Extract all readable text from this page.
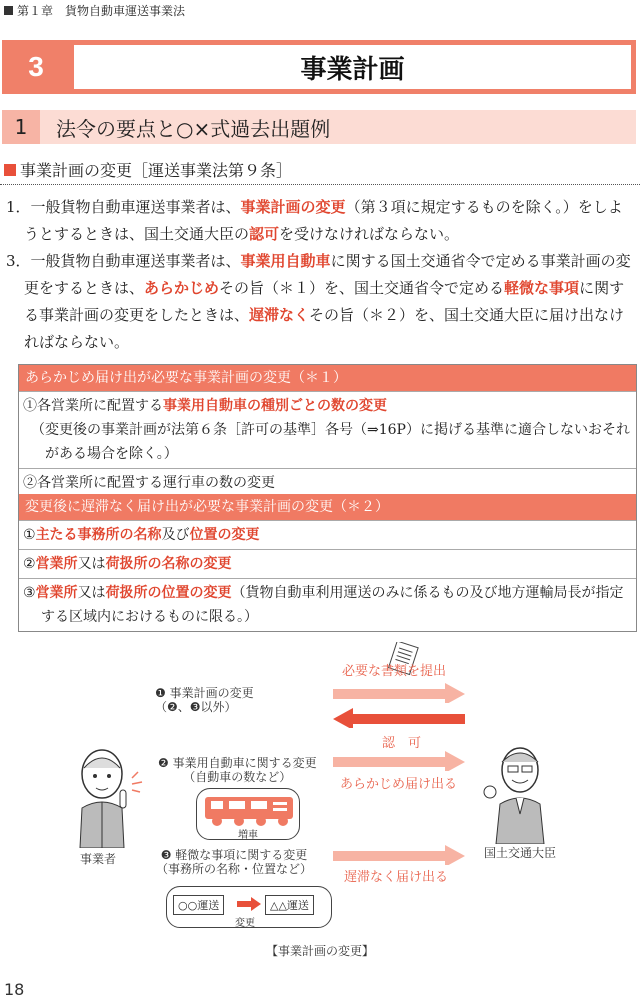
第１章　貨物自動車運送事業法
3	事業計画
1	法令の要点と○×式過去出題例
事業計画の変更［運送事業法第９条］

1．一般貨物自動車運送事業者は、事業計画の変更（第３項に規定するものを除く。）をしようとするときは、国土交通大臣の認可を受けなければならない。

3．一般貨物自動車運送事業者は、事業用自動車に関する国土交通省令で定める事業計画の変更をするときは、あらかじめその旨（＊１）を、国土交通省令で定める軽微な事項に関する事業計画の変更をしたときは、遅滞なくその旨（＊２）を、国土交通大臣に届け出なければならない。

あらかじめ届け出が必要な事業計画の変更（＊１）
①各営業所に配置する事業用自動車の種別ごとの数の変更
（変更後の事業計画が法第６条［許可の基準］各号（⇒16P）に掲げる基準に適合しないおそれがある場合を除く。）
②各営業所に配置する運行車の数の変更
変更後に遅滞なく届け出が必要な事業計画の変更（＊２）
①主たる事務所の名称及び位置の変更
②営業所又は荷扱所の名称の変更
③営業所又は荷扱所の位置の変更（貨物自動車利用運送のみに係るもの及び地方運輸局長が指定する区域内におけるものに限る。）
必要な書類を提出
認　可
❶ 事業計画の変更
（❷、❸以外）
あらかじめ届け出る
❷ 事業用自動車に関する変更
（自動車の数など）
増車
遅滞なく届け出る
❸ 軽微な事項に関する変更
（事務所の名称・位置など）
○○運送	△△運送
変更
事業者	国土交通大臣
【事業計画の変更】
18
